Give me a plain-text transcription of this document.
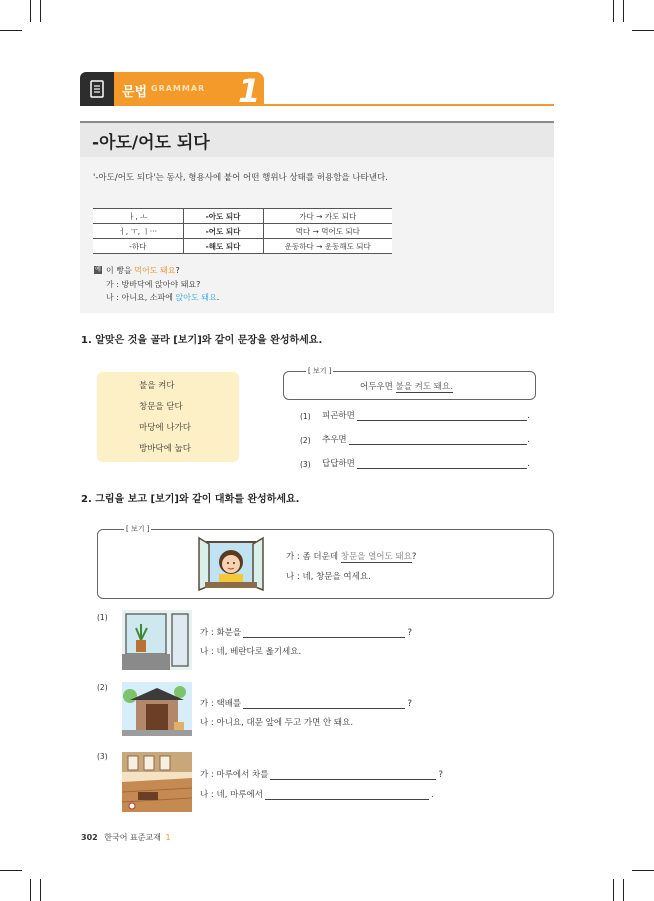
문법 GRAMMAR 1
-아도/어도 되다
'-아도/어도 되다'는 동사, 형용사에 붙어 어떤 행위나 상태를 허용함을 나타낸다.
ㅏ, ㅗ	-아도 되다	가다 → 가도 되다
ㅓ, ㅜ, ㅣ···	-어도 되다	먹다 → 먹어도 되다
-하다	-해도 되다	운동하다 → 운동해도 되다
예 이 빵을 먹어도 돼요?
가 : 방바닥에 앉아야 돼요?
나 : 아니요, 소파에 앉아도 돼요.
1. 알맞은 것을 골라 [보기]와 같이 문장을 완성하세요.
불을 켜다
창문을 닫다
마당에 나가다
방바닥에 눕다
[ 보기 ]
어두우면 불을 켜도 돼요.
(1)	피곤하면	.
(2)	추우면	.
(3)	답답하면	.
2. 그림을 보고 [보기]와 같이 대화를 완성하세요.
[ 보기 ]
가 : 좀 더운데 창문을 열어도 돼요?
나 : 네, 창문을 여세요.
(1)
가 : 화분을	?
나 : 네, 베란다로 옮기세요.
(2)
가 : 택배를	?
나 : 아니요, 대문 앞에 두고 가면 안 돼요.
(3)
가 : 마루에서 차를	?
나 : 네, 마루에서	.
302 한국어 표준교재 1
